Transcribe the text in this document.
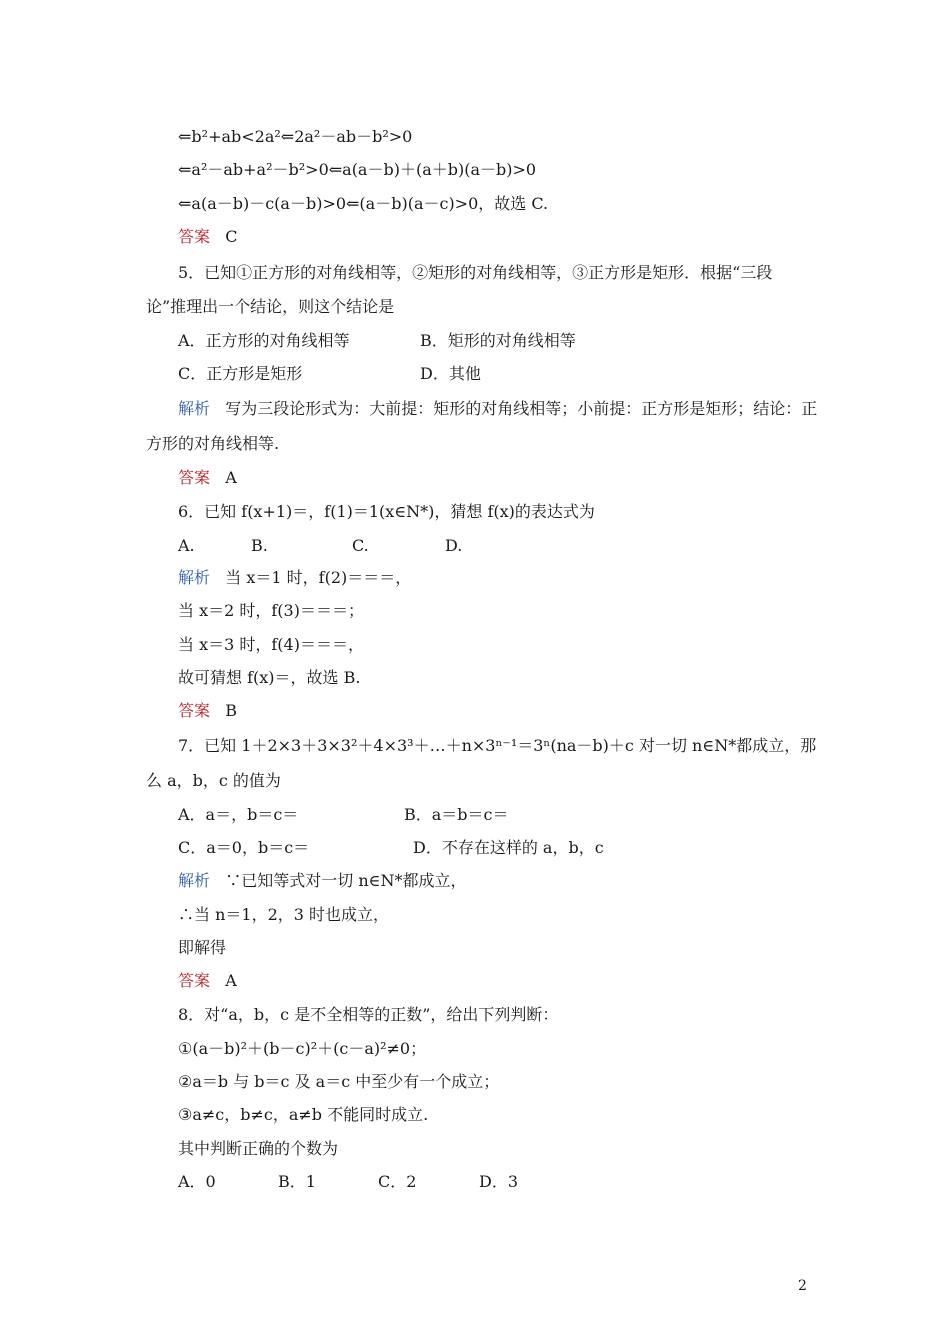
⇐b²+ab<2a²⇐2a²－ab－b²>0
⇐a²－ab+a²－b²>0⇐a(a－b)＋(a＋b)(a－b)>0
⇐a(a－b)－c(a－b)>0⇐(a－b)(a－c)>0，故选 C.
答案 C
5．已知①正方形的对角线相等，②矩形的对角线相等，③正方形是矩形．根据“三段
论”推理出一个结论，则这个结论是
A．正方形的对角线相等	B．矩形的对角线相等
C．正方形是矩形	D．其他
解析 写为三段论形式为：大前提：矩形的对角线相等；小前提：正方形是矩形；结论：正
方形的对角线相等.
答案 A
6．已知 f(x+1)＝，f(1)＝1(x∈N*)，猜想 f(x)的表达式为
A.	B.	C.	D.
解析 当 x＝1 时，f(2)＝＝＝，
当 x＝2 时，f(3)＝＝＝；
当 x＝3 时，f(4)＝＝＝，
故可猜想 f(x)＝，故选 B.
答案 B
7．已知 1＋2×3＋3×3²＋4×3³＋…＋n×3ⁿ⁻¹＝3ⁿ(na－b)＋c 对一切 n∈N*都成立，那
么 a，b，c 的值为
A．a＝，b＝c＝	B．a＝b＝c＝
C．a＝0，b＝c＝	D．不存在这样的 a，b，c
解析 ∵已知等式对一切 n∈N*都成立，
∴当 n＝1，2，3 时也成立，
即解得
答案 A
8．对“a，b，c 是不全相等的正数”，给出下列判断：
①(a－b)²＋(b－c)²＋(c－a)²≠0；
②a＝b 与 b＝c 及 a＝c 中至少有一个成立；
③a≠c，b≠c，a≠b 不能同时成立.
其中判断正确的个数为
A．0	B．1	C．2	D．3
2
